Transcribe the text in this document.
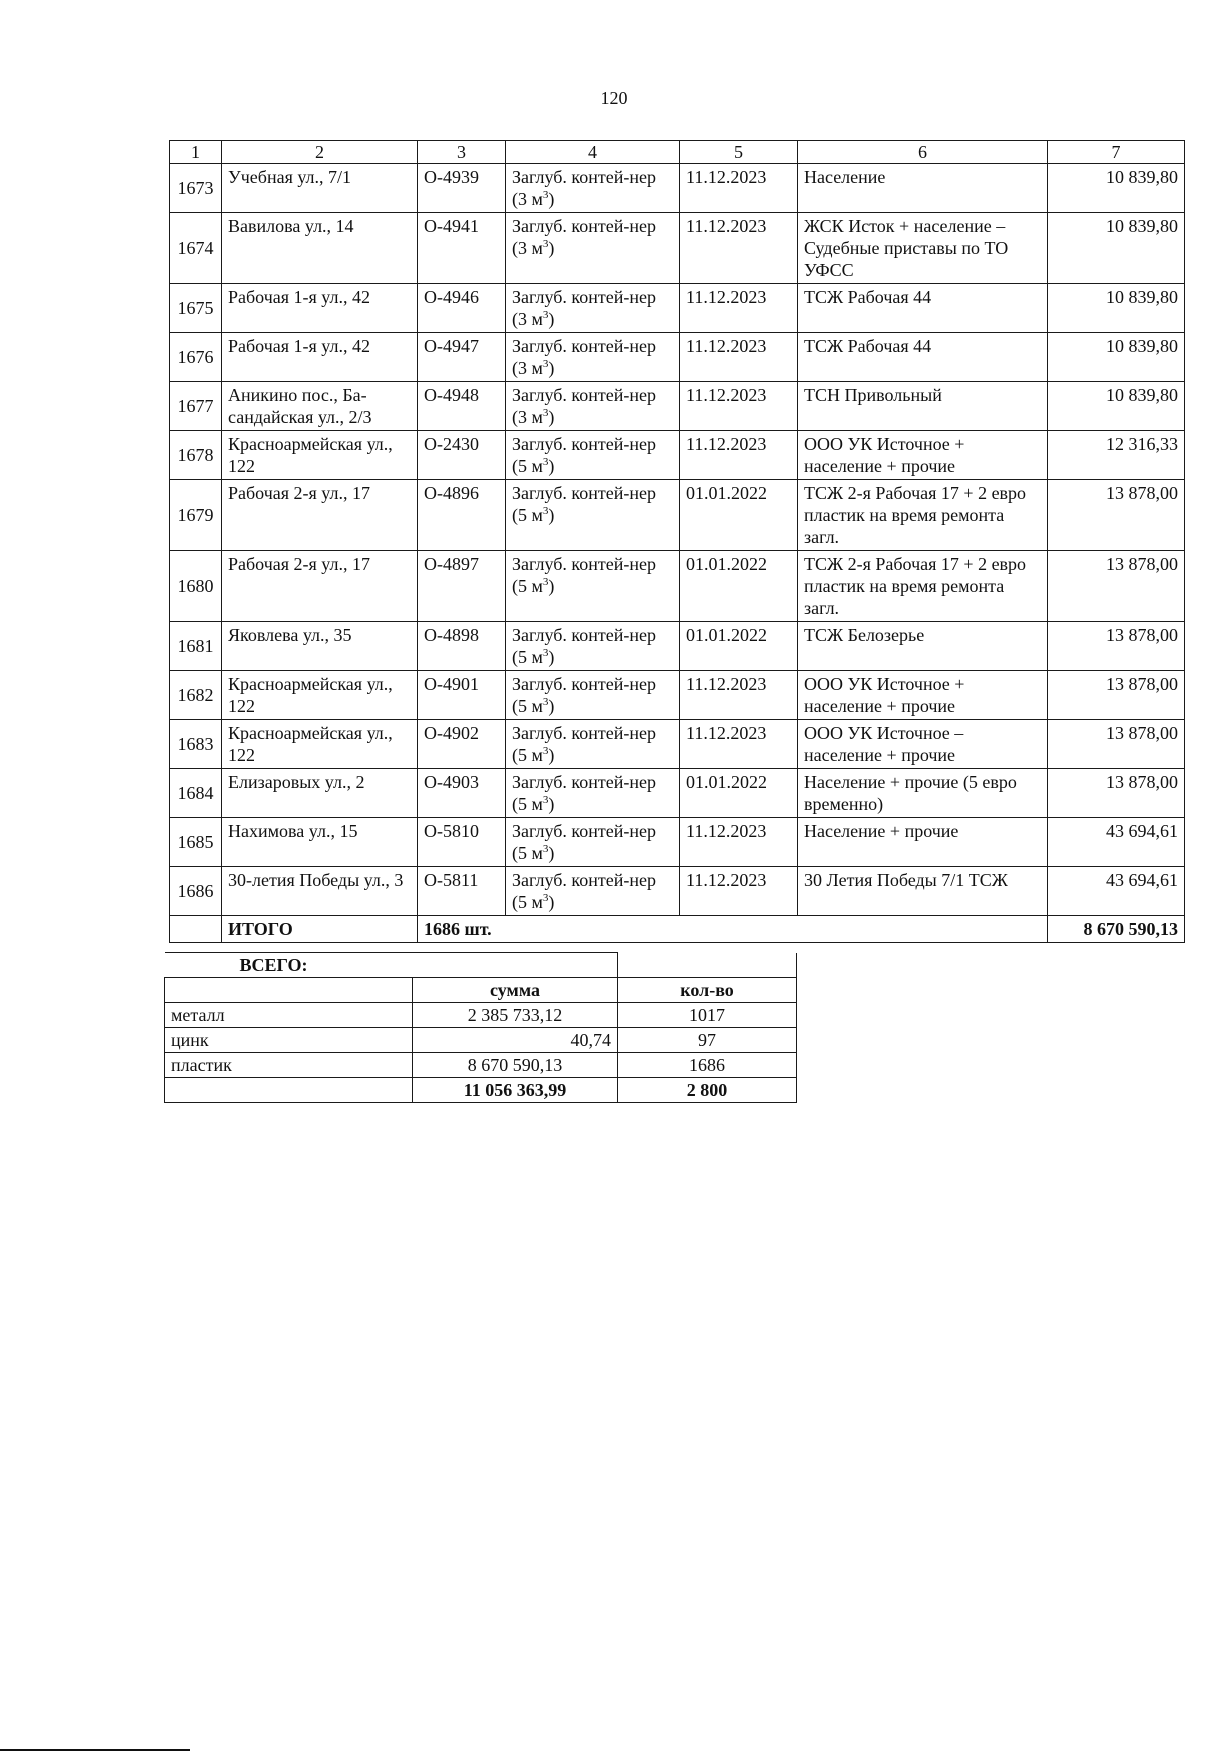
120
1	2	3	4	5	6	7
1673	Учебная ул., 7/1	О-4939	Заглуб. контей-нер (3 $м^3$)	11.12.2023	Население	10 839,80
1674	Вавилова ул., 14	О-4941	Заглуб. контей-нер (3 $м^3$)	11.12.2023	ЖСК Исток + население – Судебные приставы по ТО УФСС	10 839,80
1675	Рабочая 1-я ул., 42	О-4946	Заглуб. контей-нер (3 $м^3$)	11.12.2023	ТСЖ Рабочая 44	10 839,80
1676	Рабочая 1-я ул., 42	О-4947	Заглуб. контей-нер (3 $м^3$)	11.12.2023	ТСЖ Рабочая 44	10 839,80
1677	Аникино пос., Ба-сандайская ул., 2/3	О-4948	Заглуб. контей-нер (3 $м^3$)	11.12.2023	ТСН Привольный	10 839,80
1678	Красноармейская ул., 122	О-2430	Заглуб. контей-нер (5 $м^3$)	11.12.2023	ООО УК Источное + население + прочие	12 316,33
1679	Рабочая 2-я ул., 17	О-4896	Заглуб. контей-нер (5 $м^3$)	01.01.2022	ТСЖ 2-я Рабочая 17 + 2 евро пластик на время ремонта загл.	13 878,00
1680	Рабочая 2-я ул., 17	О-4897	Заглуб. контей-нер (5 $м^3$)	01.01.2022	ТСЖ 2-я Рабочая 17 + 2 евро пластик на время ремонта загл.	13 878,00
1681	Яковлева ул., 35	О-4898	Заглуб. контей-нер (5 $м^3$)	01.01.2022	ТСЖ Белозерье	13 878,00
1682	Красноармейская ул., 122	О-4901	Заглуб. контей-нер (5 $м^3$)	11.12.2023	ООО УК Источное + население + прочие	13 878,00
1683	Красноармейская ул., 122	О-4902	Заглуб. контей-нер (5 $м^3$)	11.12.2023	ООО УК Источное – население + прочие	13 878,00
1684	Елизаровых ул., 2	О-4903	Заглуб. контей-нер (5 $м^3$)	01.01.2022	Население + прочие (5 евро временно)	13 878,00
1685	Нахимова ул., 15	О-5810	Заглуб. контей-нер (5 $м^3$)	11.12.2023	Население + прочие	43 694,61
1686	30-летия Победы ул., 3	О-5811	Заглуб. контей-нер (5 $м^3$)	11.12.2023	30 Летия Победы 7/1 ТСЖ	43 694,61
	ИТОГО	1686 шт.				8 670 590,13
ВСЕГО:		
	сумма	кол-во
металл	2 385 733,12	1017
цинк	40,74	97
пластик	8 670 590,13	1686
	11 056 363,99	2 800
